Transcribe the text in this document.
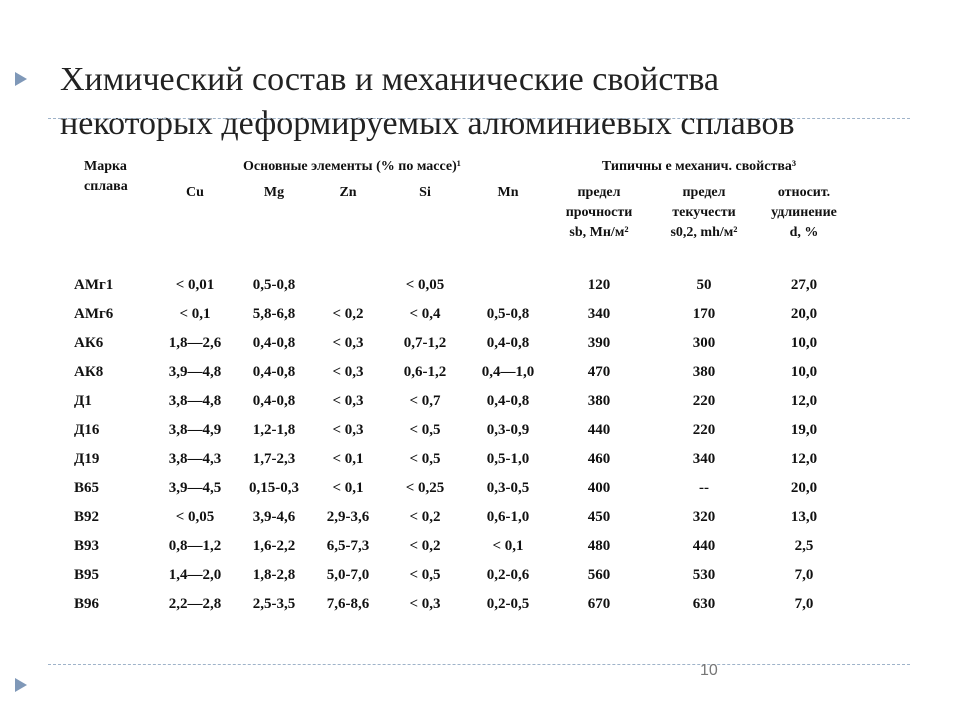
Химический состав и механические свойства
некоторых деформируемых алюминиевых сплавов
Марка сплава	Основные элементы (% по массе)¹					Типичны е механич. свойства³		
	Cu	Mg	Zn	Si	Mn	предел
прочности
sb, Мн/м²	предел
текучести
s0,2, mh/м²	относит.
удлинение
d, %
АМг1	< 0,01	0,5-0,8		< 0,05		120	50	27,0
АМг6	< 0,1	5,8-6,8	< 0,2	< 0,4	0,5-0,8	340	170	20,0
АК6	1,8—2,6	0,4-0,8	< 0,3	0,7-1,2	0,4-0,8	390	300	10,0
АК8	3,9—4,8	0,4-0,8	< 0,3	0,6-1,2	0,4—1,0	470	380	10,0
Д1	3,8—4,8	0,4-0,8	< 0,3	< 0,7	0,4-0,8	380	220	12,0
Д16	3,8—4,9	1,2-1,8	< 0,3	< 0,5	0,3-0,9	440	220	19,0
Д19	3,8—4,3	1,7-2,3	< 0,1	< 0,5	0,5-1,0	460	340	12,0
В65	3,9—4,5	0,15-0,3	< 0,1	< 0,25	0,3-0,5	400	--	20,0
В92	< 0,05	3,9-4,6	2,9-3,6	< 0,2	0,6-1,0	450	320	13,0
В93	0,8—1,2	1,6-2,2	6,5-7,3	< 0,2	< 0,1	480	440	2,5
В95	1,4—2,0	1,8-2,8	5,0-7,0	< 0,5	0,2-0,6	560	530	7,0
В96	2,2—2,8	2,5-3,5	7,6-8,6	< 0,3	0,2-0,5	670	630	7,0
10
